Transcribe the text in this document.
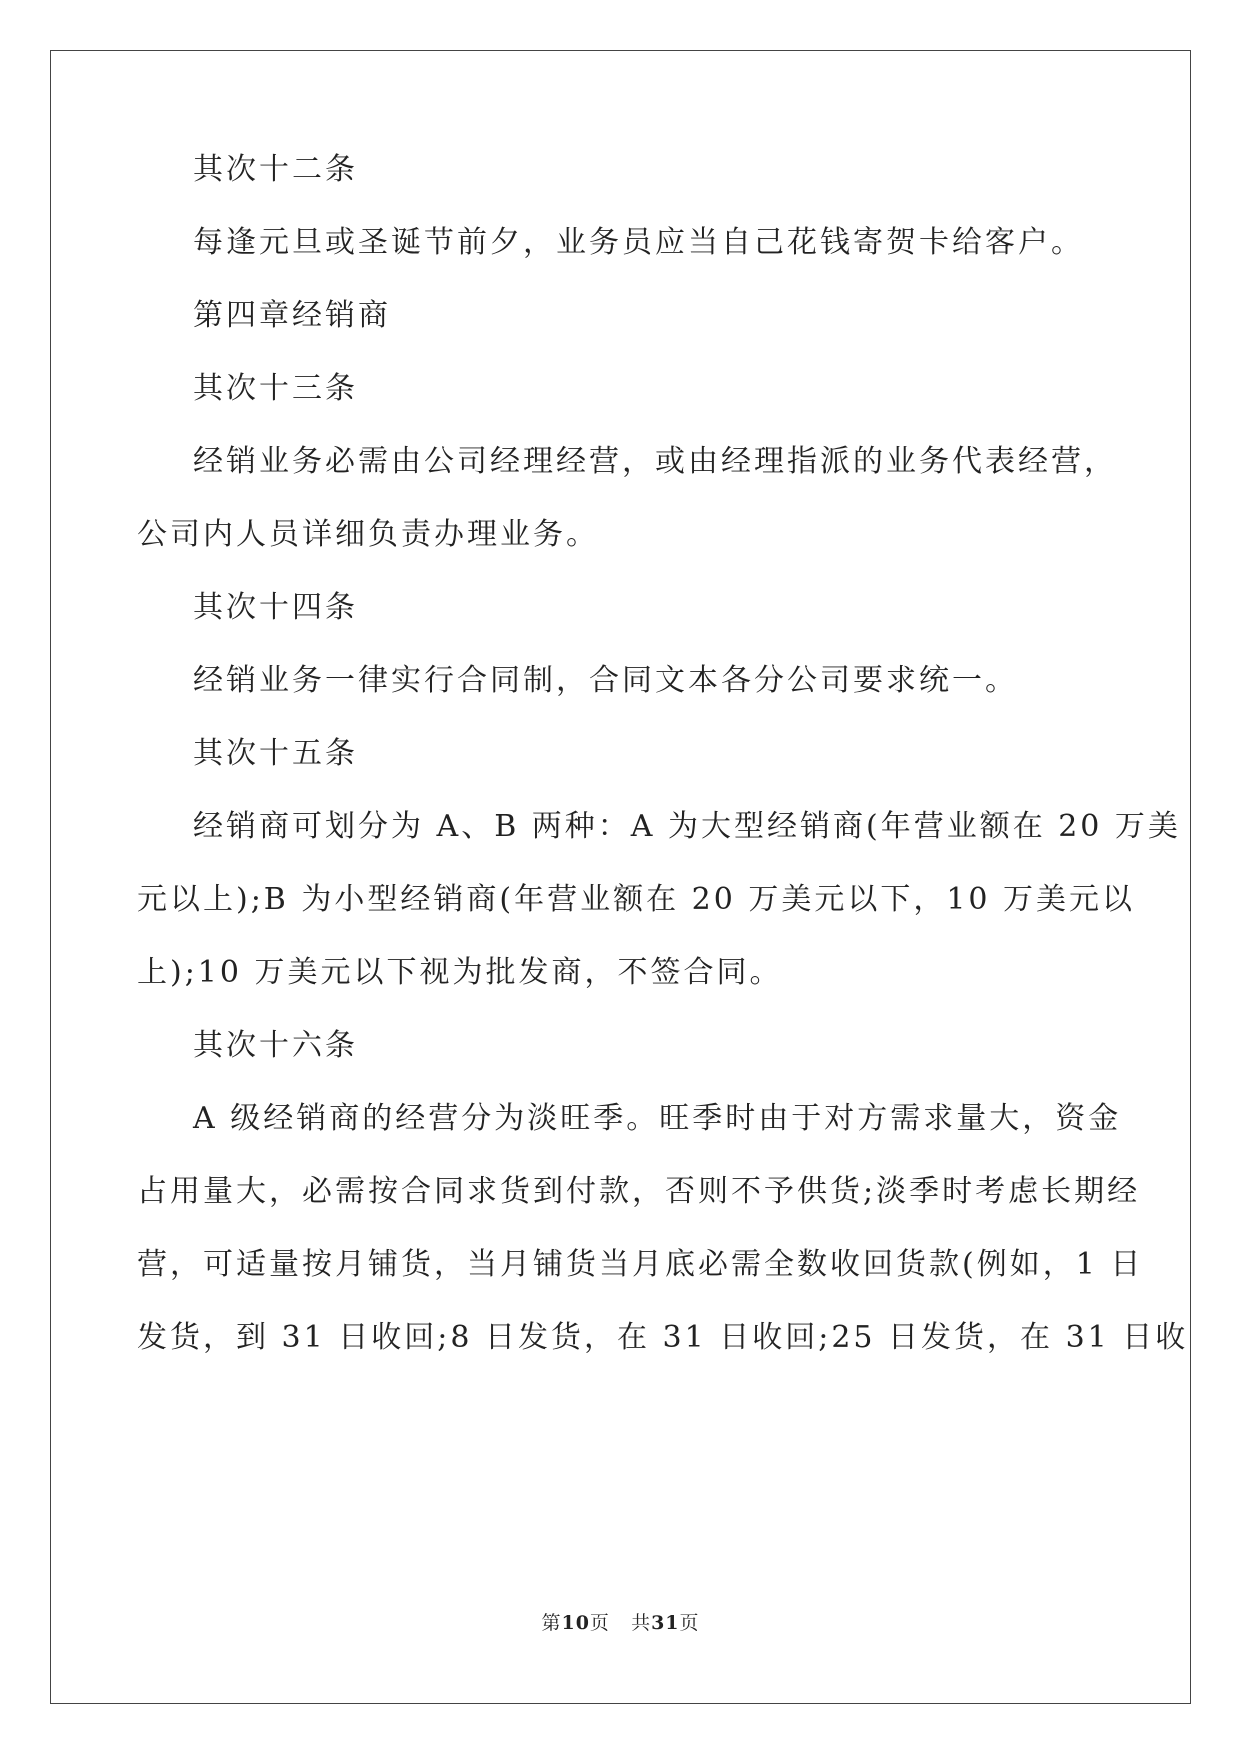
其次十二条

每逢元旦或圣诞节前夕，业务员应当自己花钱寄贺卡给客户。

第四章经销商

其次十三条

经销业务必需由公司经理经营，或由经理指派的业务代表经营，

公司内人员详细负责办理业务。

其次十四条

经销业务一律实行合同制，合同文本各分公司要求统一。

其次十五条

经销商可划分为 A、B 两种：A 为大型经销商(年营业额在 20 万美

元以上);B 为小型经销商(年营业额在 20 万美元以下，10 万美元以

上);10 万美元以下视为批发商，不签合同。

其次十六条

A 级经销商的经营分为淡旺季。旺季时由于对方需求量大，资金

占用量大，必需按合同求货到付款，否则不予供货;淡季时考虑长期经

营，可适量按月铺货，当月铺货当月底必需全数收回货款(例如，1 日

发货，到 31 日收回;8 日发货，在 31 日收回;25 日发货，在 31 日收

第10页 共31页
